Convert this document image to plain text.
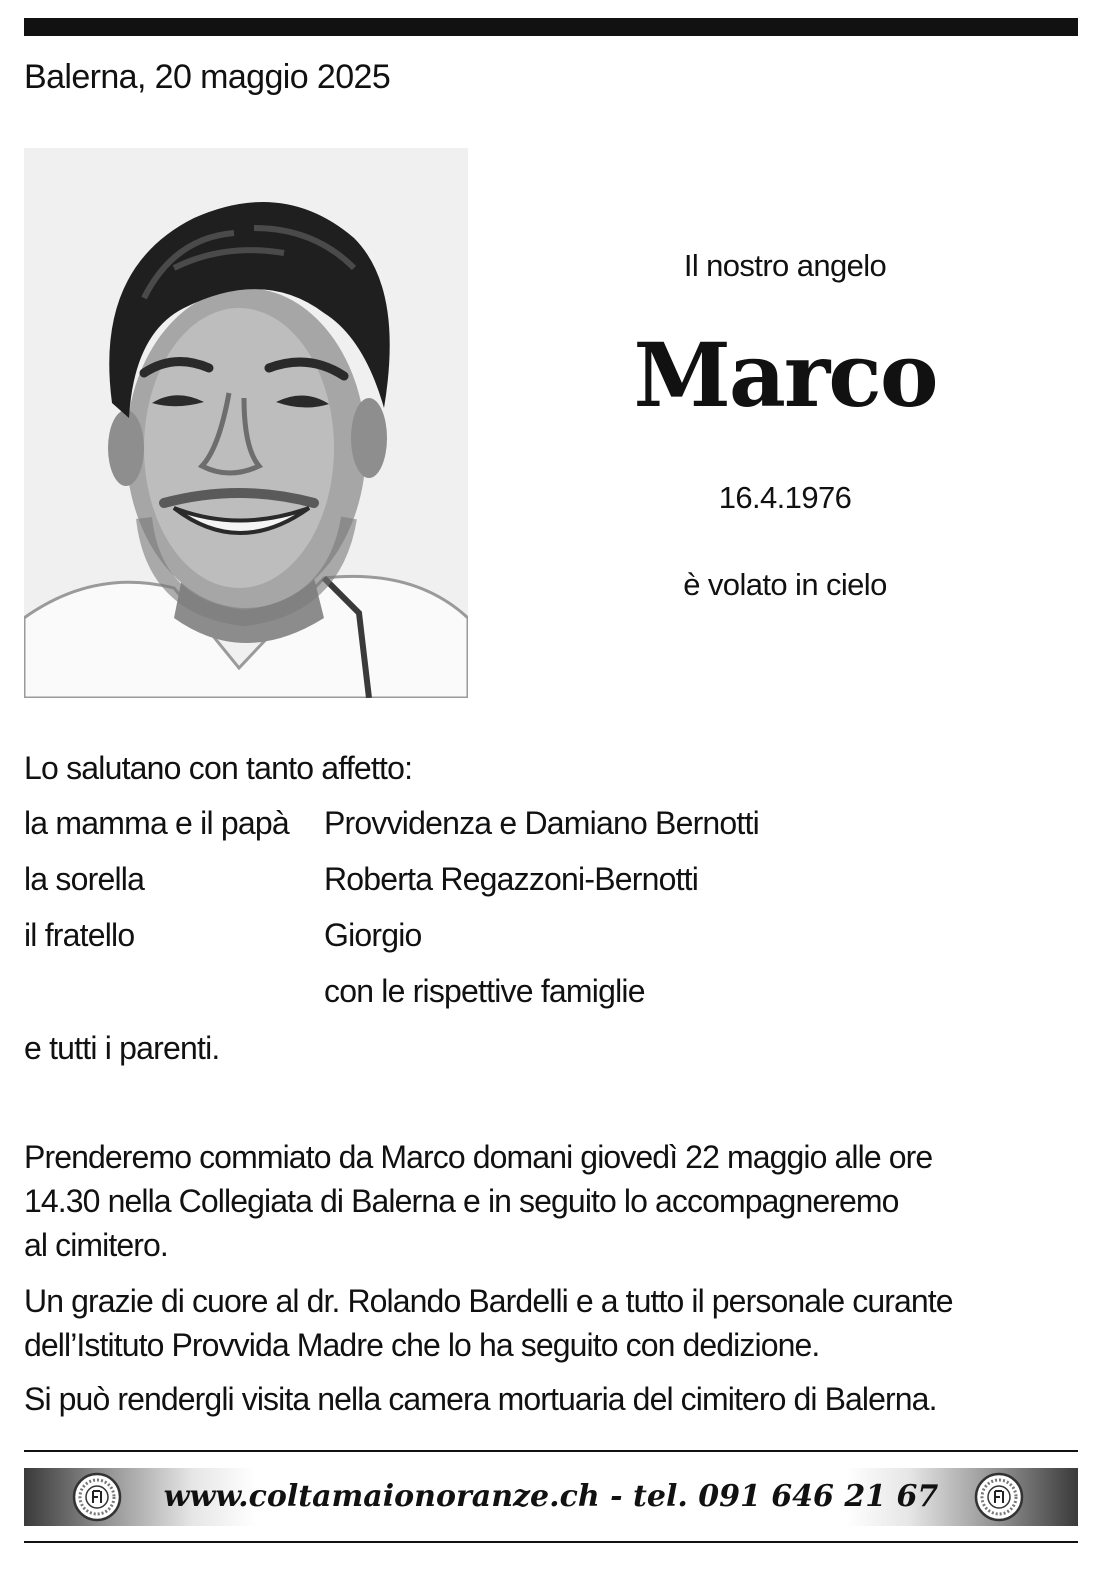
Balerna, 20 maggio 2025
Il nostro angelo
Marco
16.4.1976
è volato in cielo
Lo salutano con tanto affetto:
la mamma e il papà Provvidenza e Damiano Bernotti
la sorella	Roberta Regazzoni-Bernotti
il fratello	Giorgio
con le rispettive famiglie
e tutti i parenti.
Prenderemo commiato da Marco domani giovedì 22 maggio alle ore
14.30 nella Collegiata di Balerna e in seguito lo accompagneremo
al cimitero.
Un grazie di cuore al dr. Rolando Bardelli e a tutto il personale curante
dell’Istituto Provvida Madre che lo ha seguito con dedizione.
Si può rendergli visita nella camera mortuaria del cimitero di Balerna.
www.coltamaionoranze.ch - tel. 091 646 21 67
